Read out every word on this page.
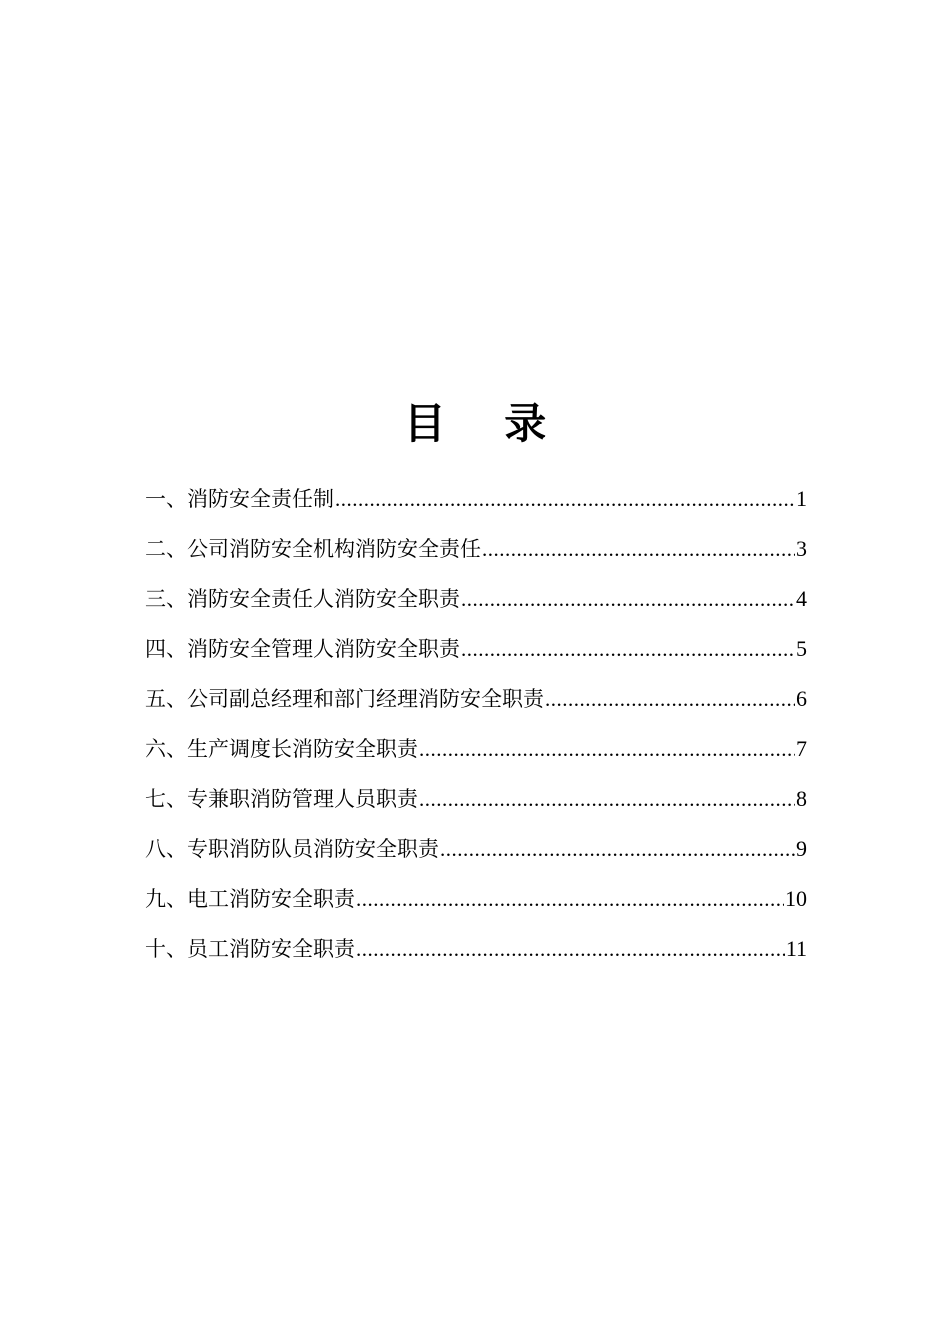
目 录
一、消防安全责任制 .....	1
二、公司消防安全机构消防安全责任 .....	3
三、消防安全责任人消防安全职责 .....	4
四、消防安全管理人消防安全职责 .....	5
五、公司副总经理和部门经理消防安全职责 .....	6
六、生产调度长消防安全职责 .....	7
七、专兼职消防管理人员职责 .....	8
八、专职消防队员消防安全职责 .....	9
九、电工消防安全职责 .....	10
十、员工消防安全职责 .....	11
